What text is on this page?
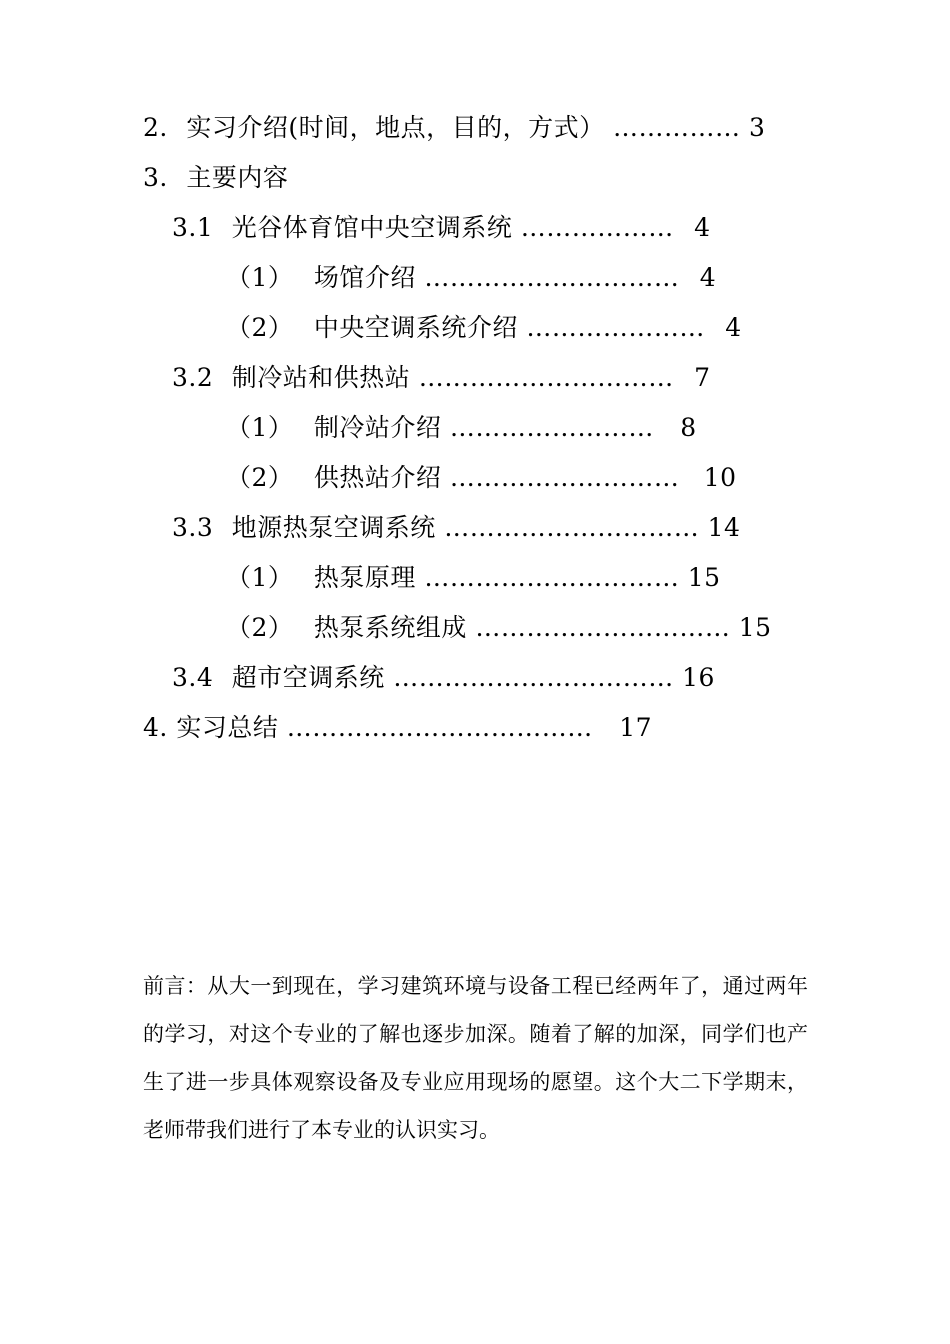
2. 实习介绍(时间，地点，目的，方式） …………… 3
3. 主要内容
3.1 光谷体育馆中央空调系统 ……………… 4
（1） 场馆介绍 ………………………… 4
（2） 中央空调系统介绍 ………………… 4
3.2 制冷站和供热站 ………………………… 7
（1） 制冷站介绍 …………………… 8
（2） 供热站介绍 ……………………… 10
3.3 地源热泵空调系统 ………………………… 14
（1） 热泵原理 ………………………… 15
（2） 热泵系统组成 ………………………… 15
3.4 超市空调系统 …………………………… 16
4. 实习总结 ……………………………… 17
前言：从大一到现在，学习建筑环境与设备工程已经两年了，通过两年的学习，对这个专业的了解也逐步加深。随着了解的加深，同学们也产生了进一步具体观察设备及专业应用现场的愿望。这个大二下学期末，老师带我们进行了本专业的认识实习。
